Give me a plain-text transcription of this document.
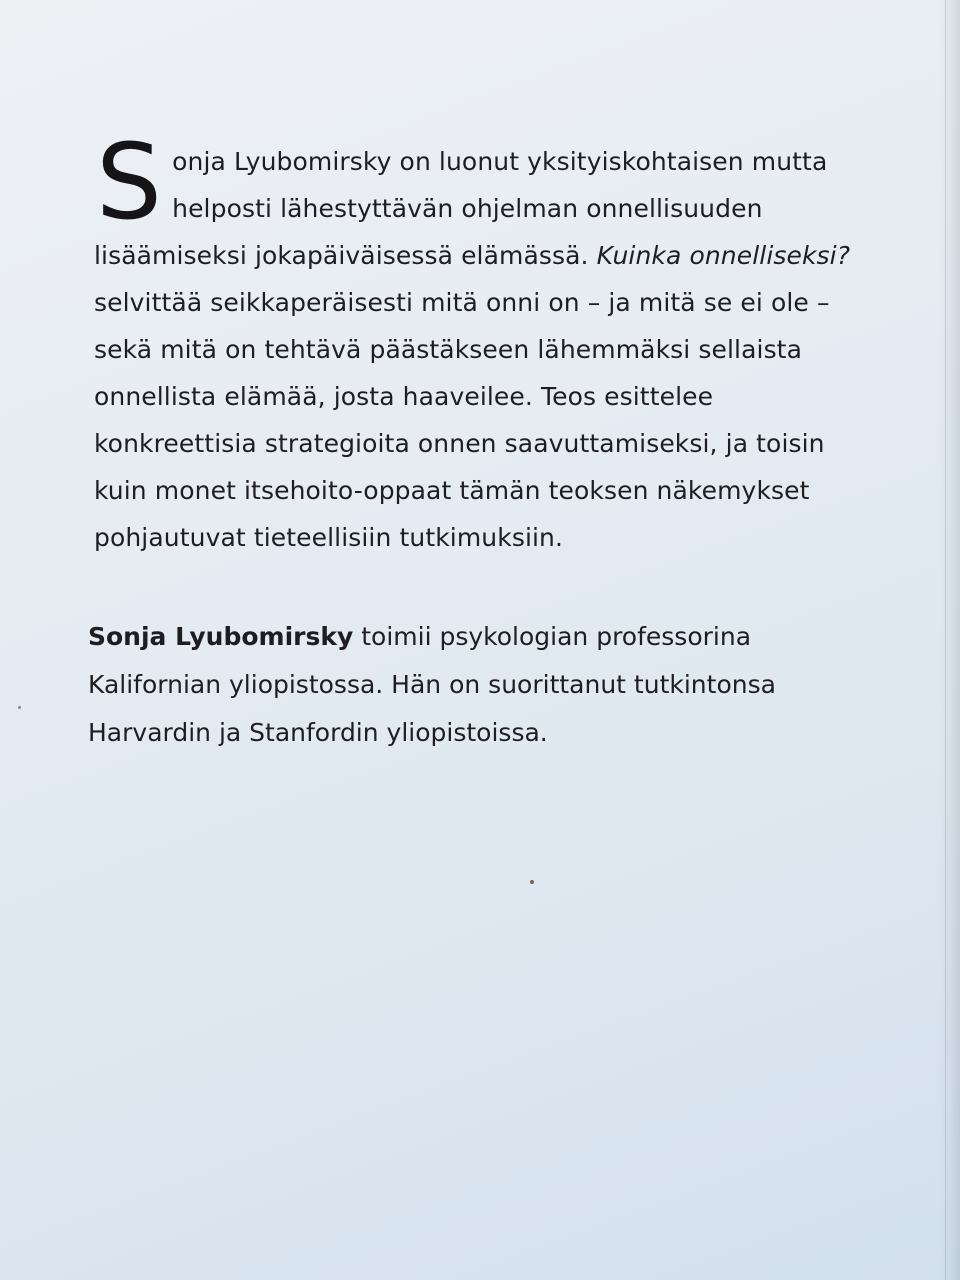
Sonja Lyubomirsky on luonut yksityiskohtaisen mutta helposti lähestyttävän ohjelman onnellisuuden lisäämiseksi jokapäiväisessä elämässä. Kuinka onnelliseksi? selvittää seikkaperäisesti mitä onni on – ja mitä se ei ole – sekä mitä on tehtävä päästäkseen lähemmäksi sellaista onnellista elämää, josta haaveilee. Teos esittelee konkreettisia strategioita onnen saavuttamiseksi, ja toisin kuin monet itsehoito-oppaat tämän teoksen näkemykset pohjautuvat tieteellisiin tutkimuksiin.
Sonja Lyubomirsky toimii psykologian professorina Kalifornian yliopistossa. Hän on suorittanut tutkintonsa Harvardin ja Stanfordin yliopistoissa.
